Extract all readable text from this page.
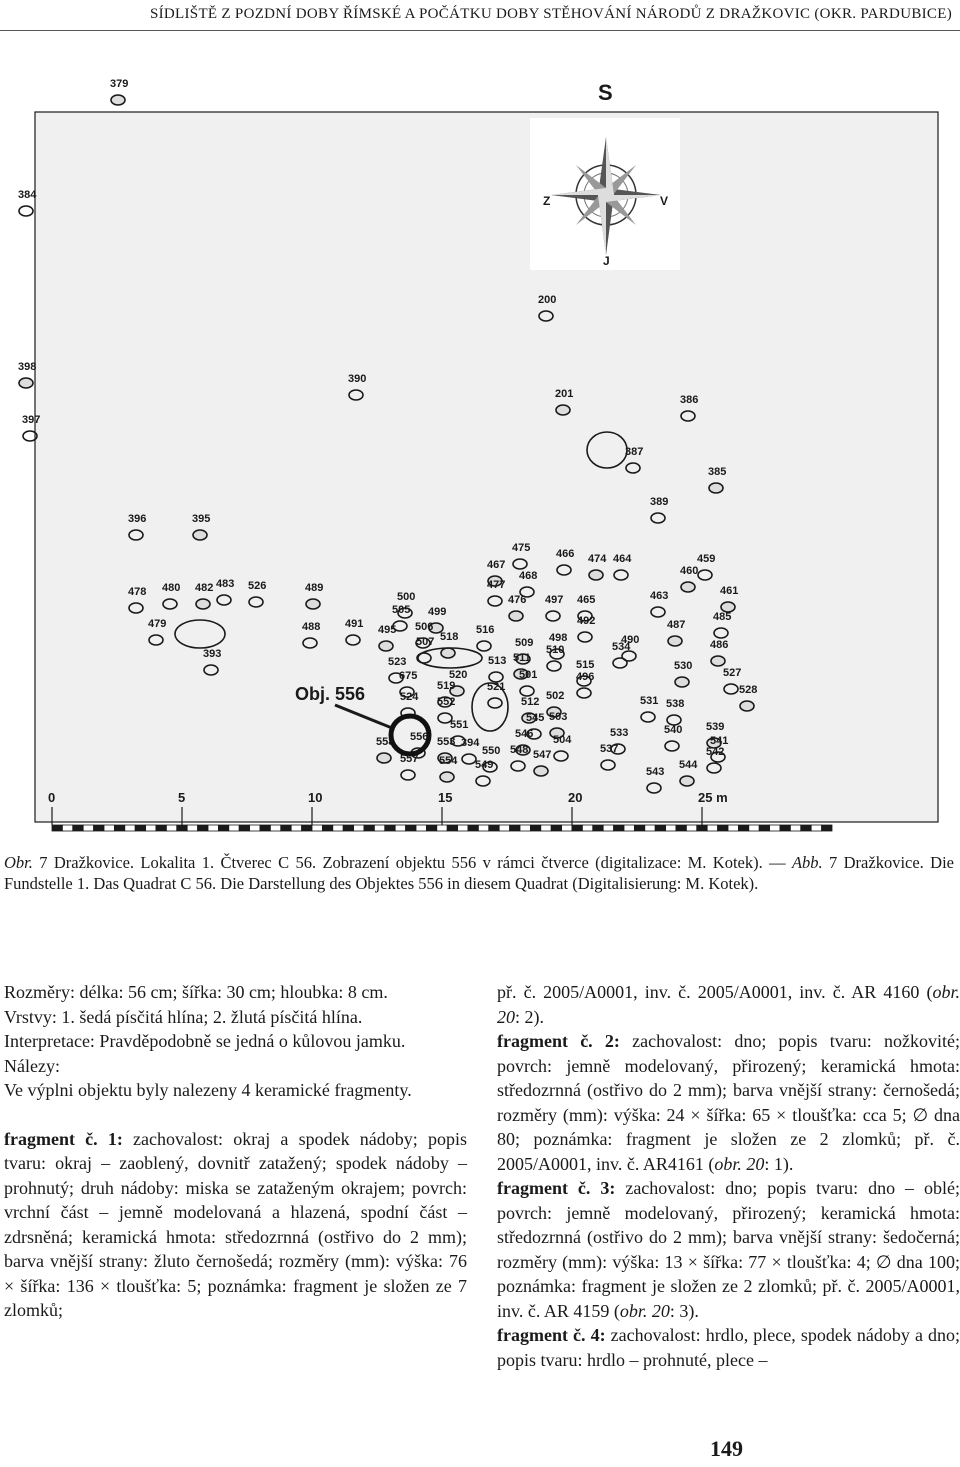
SÍDLIŠTĚ Z POZDNÍ DOBY ŘÍMSKÉ A POČÁTKU DOBY STĚHOVÁNÍ NÁRODŮ Z DRAŽKOVIC (OKR. PARDUBICE)
S
J
Z	V
379
384
200
398
397
390
201	386
387
385
389
396	395
475 466 474 464	459
467
478 480 482 483 526	489	477
468	460
500	463
476 497 465
461
479
505 499
488 491 495 506	492	487
485
393
518
516
498
509	490
510	486
523	513 511
515
496
530
527
675	520
519
501
528
524
521
502	531
552	512	538
551
503
545
540 539
541
542
553
556	394
546 504
533
558
550 548 547	537
557 554 549
543
544
534
507
Obj. 556
0	5	10	15	20	25 m
Obr. 7 Dražkovice. Lokalita 1. Čtverec C 56. Zobrazení objektu 556 v rámci čtverce (digitalizace: M. Kotek). — Abb. 7 Dražkovice. Die Fundstelle 1. Das Quadrat C 56. Die Darstellung des Objektes 556 in diesem Quadrat (Digitalisierung: M. Kotek).

Rozměry: délka: 56 cm; šířka: 30 cm; hloubka: 8 cm.

Vrstvy: 1. šedá písčitá hlína; 2. žlutá písčitá hlína.

Interpretace: Pravděpodobně se jedná o kůlovou jamku.

Nálezy:

Ve výplni objektu byly nalezeny 4 keramické fragmenty.

fragment č. 1: zachovalost: okraj a spodek nádoby; popis tvaru: okraj – zaoblený, dovnitř zatažený; spodek nádoby – prohnutý; druh nádoby: miska se zataženým okrajem; povrch: vrchní část – jemně modelovaná a hlazená, spodní část – zdrsněná; keramická hmota: středozrnná (ostřivo do 2 mm); barva vnější strany: žluto černošedá; rozměry (mm): výška: 76 × šířka: 136 × tloušťka: 5; poznámka: fragment je složen ze 7 zlomků;

př. č. 2005/A0001, inv. č. 2005/A0001, inv. č. AR 4160 (obr. 20: 2).

fragment č. 2: zachovalost: dno; popis tvaru: nožkovité; povrch: jemně modelovaný, přirozený; keramická hmota: středozrnná (ostřivo do 2 mm); barva vnější strany: černošedá; rozměry (mm): výška: 24 × šířka: 65 × tloušťka: cca 5; ∅ dna 80; poznámka: fragment je složen ze 2 zlomků; př. č. 2005/A0001, inv. č. AR4161 (obr. 20: 1).

fragment č. 3: zachovalost: dno; popis tvaru: dno – oblé; povrch: jemně modelovaný, přirozený; keramická hmota: středozrnná (ostřivo do 2 mm); barva vnější strany: šedočerná; rozměry (mm): výška: 13 × šířka: 77 × tloušťka: 4; ∅ dna 100; poznámka: fragment je složen ze 2 zlomků; př. č. 2005/A0001, inv. č. AR 4159 (obr. 20: 3).

fragment č. 4: zachovalost: hrdlo, plece, spodek nádoby a dno; popis tvaru: hrdlo – prohnuté, plece –

149
